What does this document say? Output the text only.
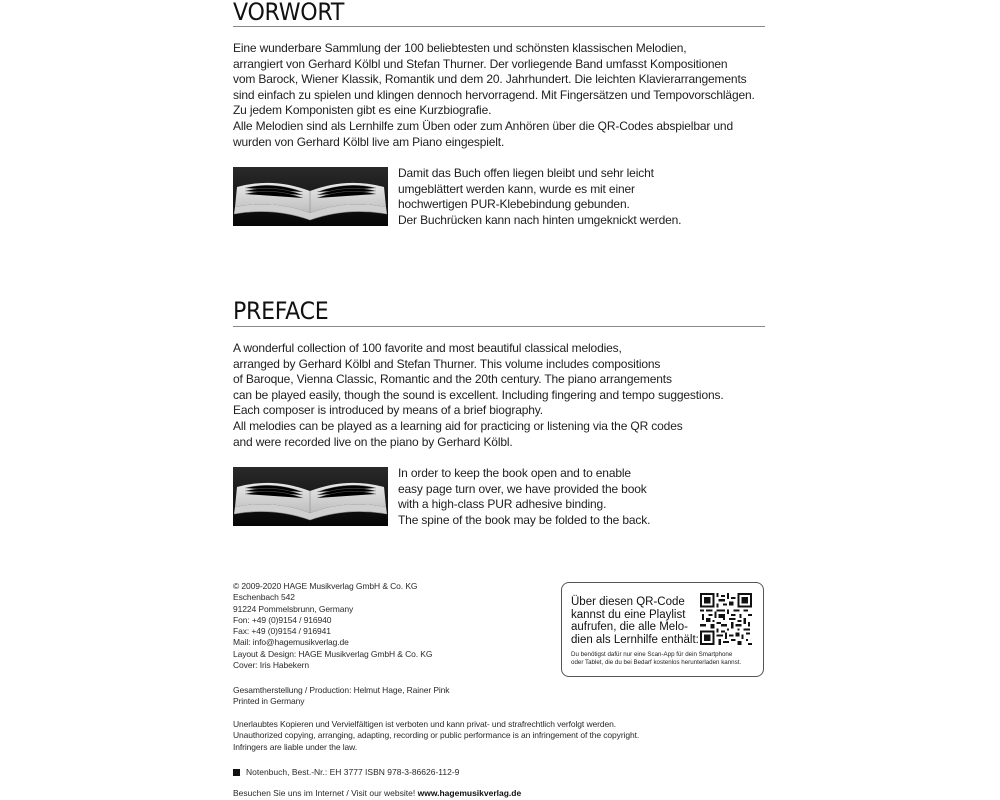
VORWORT

Eine wunderbare Sammlung der 100 beliebtesten und schönsten klassischen Melodien,
arrangiert von Gerhard Kölbl und Stefan Thurner. Der vorliegende Band umfasst Kompositionen
vom Barock, Wiener Klassik, Romantik und dem 20. Jahrhundert. Die leichten Klavierarrangements
sind einfach zu spielen und klingen dennoch hervorragend. Mit Fingersätzen und Tempovorschlägen.
Zu jedem Komponisten gibt es eine Kurzbiografie.
Alle Melodien sind als Lernhilfe zum Üben oder zum Anhören über die QR-Codes abspielbar und
wurden von Gerhard Kölbl live am Piano eingespielt.

Damit das Buch offen liegen bleibt und sehr leicht
umgeblättert werden kann, wurde es mit einer
hochwertigen PUR-Klebebindung gebunden.
Der Buchrücken kann nach hinten umgeknickt werden.

PREFACE

A wonderful collection of 100 favorite and most beautiful classical melodies,
arranged by Gerhard Kölbl and Stefan Thurner. This volume includes compositions
of Baroque, Vienna Classic, Romantic and the 20th century. The piano arrangements
can be played easily, though the sound is excellent. Including fingering and tempo suggestions.
Each composer is introduced by means of a brief biography.
All melodies can be played as a learning aid for practicing or listening via the QR codes
and were recorded live on the piano by Gerhard Kölbl.

In order to keep the book open and to enable
easy page turn over, we have provided the book
with a high-class PUR adhesive binding.
The spine of the book may be folded to the back.

© 2009-2020 HAGE Musikverlag GmbH & Co. KG
Eschenbach 542
91224 Pommelsbrunn, Germany
Fon: +49 (0)9154 / 916940
Fax: +49 (0)9154 / 916941
Mail: info@hagemusikverlag.de
Layout & Design: HAGE Musikverlag GmbH & Co. KG
Cover: Iris Habekern

Gesamtherstellung / Production: Helmut Hage, Rainer Pink
Printed in Germany

Unerlaubtes Kopieren und Vervielfältigen ist verboten und kann privat- und strafrechtlich verfolgt werden.
Unauthorized copying, arranging, adapting, recording or public performance is an infringement of the copyright.
Infringers are liable under the law.

Notenbuch, Best.-Nr.: EH 3777 ISBN 978-3-86626-112-9
Besuchen Sie uns im Internet / Visit our website! www.hagemusikverlag.de

Über diesen QR-Code
kannst du eine Playlist
aufrufen, die alle Melo-
dien als Lernhilfe enthält:

Du benötigst dafür nur eine Scan-App für dein Smartphone
oder Tablet, die du bei Bedarf kostenlos herunterladen kannst.
